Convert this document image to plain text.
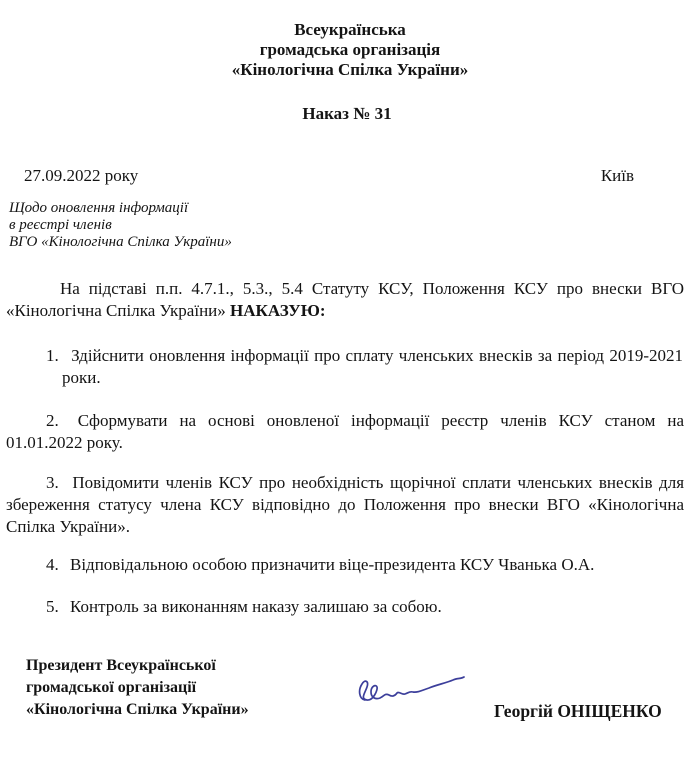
Всеукраїнська
громадська організація
«Кінологічна Спілка України»
Наказ № 31
27.09.2022 року	Київ
Щодо оновлення інформації
в реєстрі членів
ВГО «Кінологічна Спілка України»

На підставі п.п. 4.7.1., 5.3., 5.4 Статуту КСУ, Положення КСУ про внески ВГО «Кінологічна Спілка України» НАКАЗУЮ:

1. Здійснити оновлення інформації про сплату членських внесків за період 2019-2021 роки.

2. Сформувати на основі оновленої інформації реєстр членів КСУ станом на 01.01.2022 року.

3. Повідомити членів КСУ про необхідність щорічної сплати членських внесків для збереження статусу члена КСУ відповідно до Положення про внески ВГО «Кінологічна Спілка України».

4. Відповідальною особою призначити віце-президента КСУ Чванька О.А.

5. Контроль за виконанням наказу залишаю за собою.

Президент Всеукраїнської
громадської організації
«Кінологічна Спілка України»	Георгій ОНІЩЕНКО
